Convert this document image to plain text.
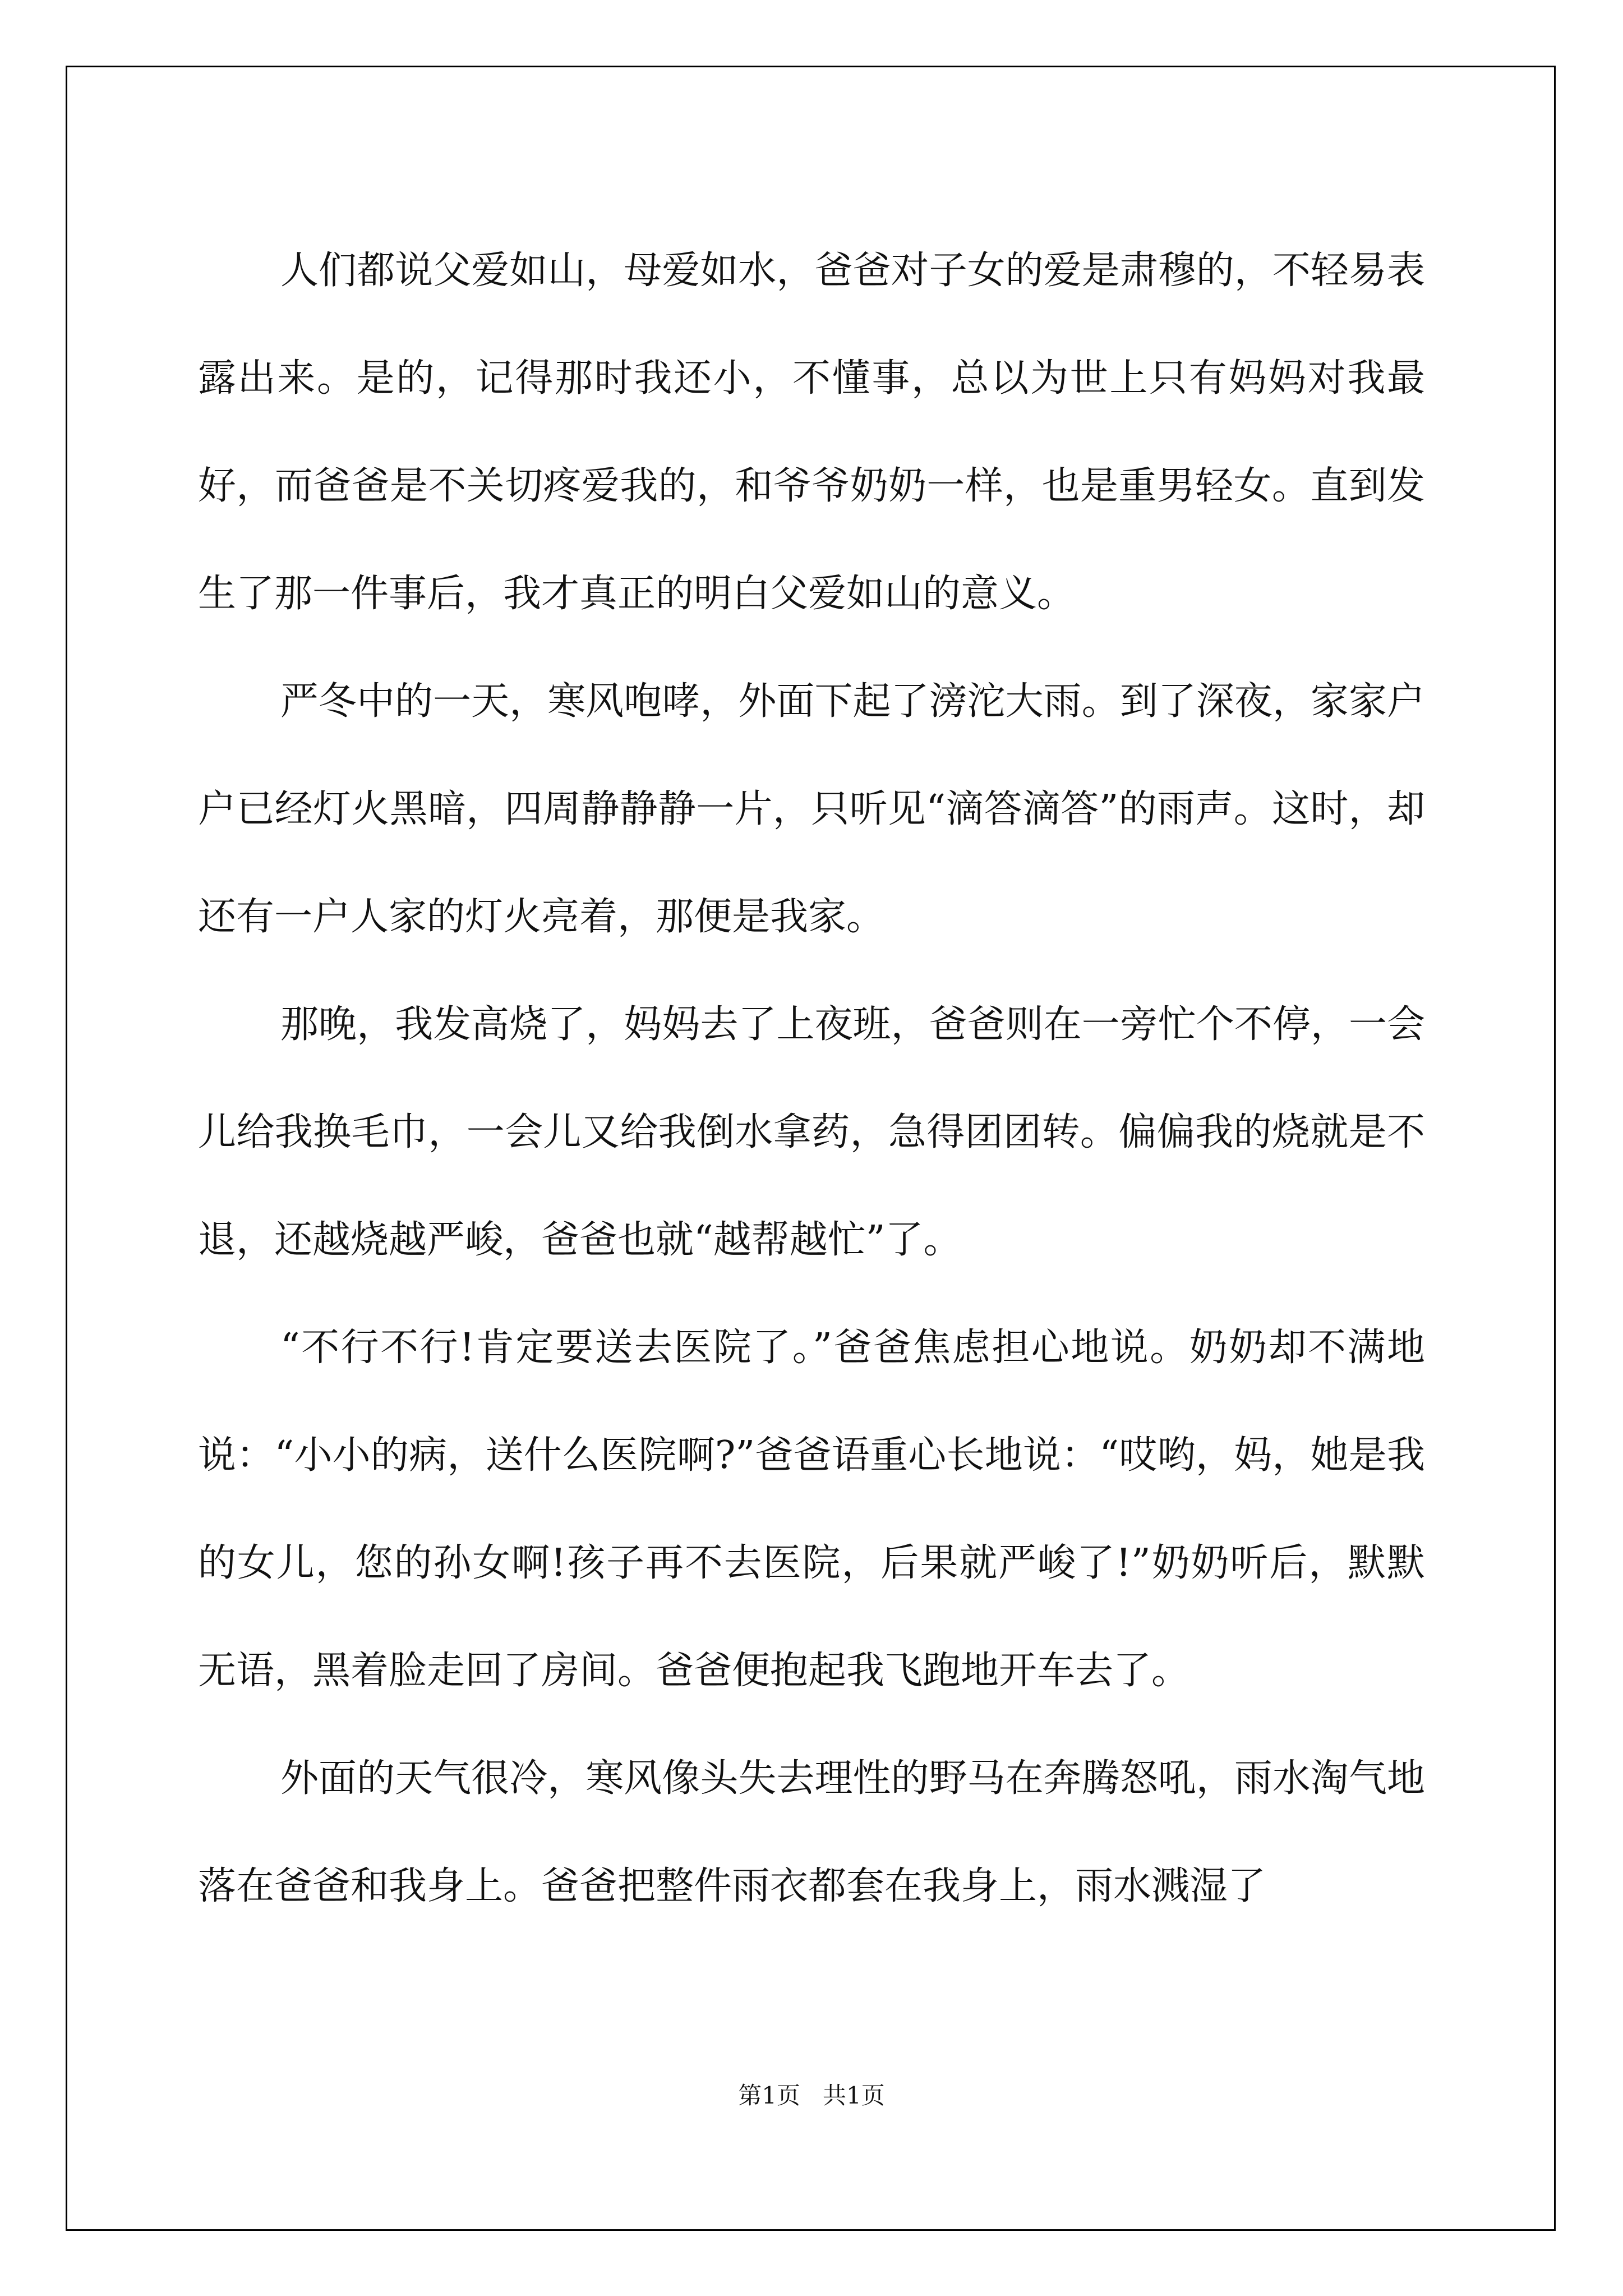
人们都说父爱如山，母爱如水，爸爸对子女的爱是肃穆的，不轻易表露出来。是的，记得那时我还小，不懂事，总以为世上只有妈妈对我最好，而爸爸是不关切疼爱我的，和爷爷奶奶一样，也是重男轻女。直到发生了那一件事后，我才真正的明白父爱如山的意义。

严冬中的一天，寒风咆哮，外面下起了滂沱大雨。到了深夜，家家户户已经灯火黑暗，四周静静静一片，只听见“滴答滴答”的雨声。这时，却还有一户人家的灯火亮着，那便是我家。

那晚，我发高烧了，妈妈去了上夜班，爸爸则在一旁忙个不停，一会儿给我换毛巾，一会儿又给我倒水拿药，急得团团转。偏偏我的烧就是不退，还越烧越严峻，爸爸也就“越帮越忙”了。

“不行不行!肯定要送去医院了。”爸爸焦虑担心地说。奶奶却不满地说：“小小的病，送什么医院啊?”爸爸语重心长地说：“哎哟，妈，她是我的女儿，您的孙女啊!孩子再不去医院，后果就严峻了!”奶奶听后，默默无语，黑着脸走回了房间。爸爸便抱起我飞跑地开车去了。

外面的天气很冷，寒风像头失去理性的野马在奔腾怒吼，雨水淘气地落在爸爸和我身上。爸爸把整件雨衣都套在我身上，雨水溅湿了

第1页 共1页
